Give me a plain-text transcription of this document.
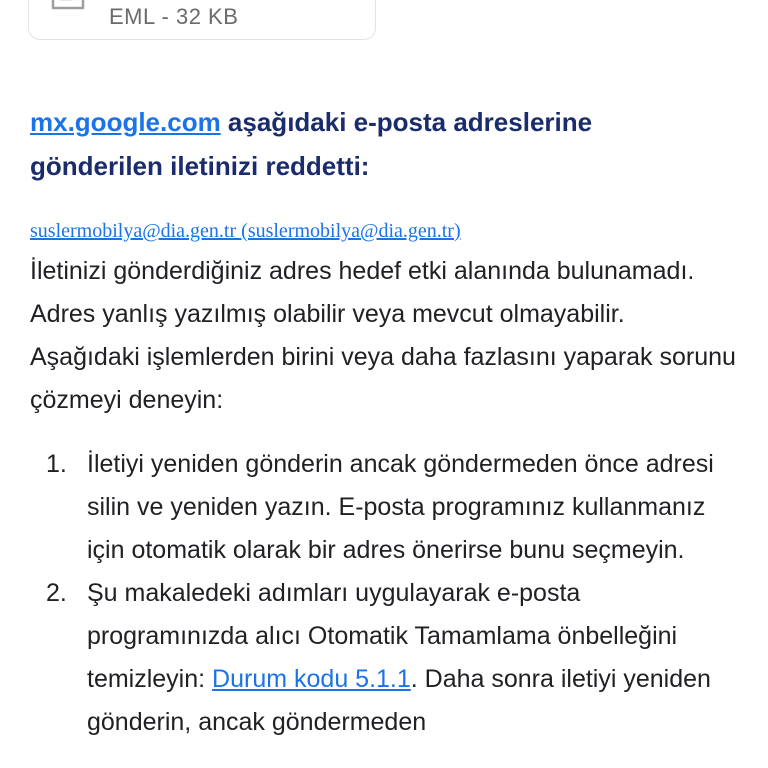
EML - 32 KB
mx.google.com aşağıdaki e-posta adreslerine gönderilen iletinizi reddetti:
suslermobilya@dia.gen.tr (suslermobilya@dia.gen.tr)
İletinizi gönderdiğiniz adres hedef etki alanında bulunamadı. Adres yanlış yazılmış olabilir veya mevcut olmayabilir. Aşağıdaki işlemlerden birini veya daha fazlasını yaparak sorunu çözmeyi deneyin:
1. İletiyi yeniden gönderin ancak göndermeden önce adresi silin ve yeniden yazın. E-posta programınız kullanmanız için otomatik olarak bir adres önerirse bunu seçmeyin.
2. Şu makaledeki adımları uygulayarak e-posta programınızda alıcı Otomatik Tamamlama önbelleğini temizleyin: Durum kodu 5.1.1. Daha sonra iletiyi yeniden gönderin, ancak göndermeden
